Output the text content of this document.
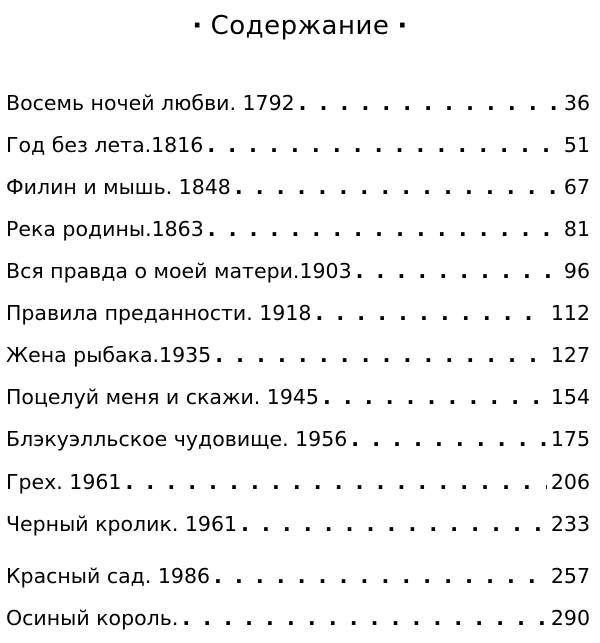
· Содержание ·
Восемь ночей любви. 1792 . . .	36
Год без лета.1816 . . .	51
Филин и мышь. 1848 . . .	67
Река родины.1863 . . .	81
Вся правда о моей матери.1903 . . .	96
Правила преданности. 1918 . . .	112
Жена рыбака.1935 . . .	127
Поцелуй меня и скажи. 1945 . . .	154
Блэкуэлльское чудовище. 1956 . . .	175
Грех. 1961 . . .	206
Черный кролик. 1961 . . .	233
Красный сад. 1986 . . .	257
Осиный король. . . .	290
